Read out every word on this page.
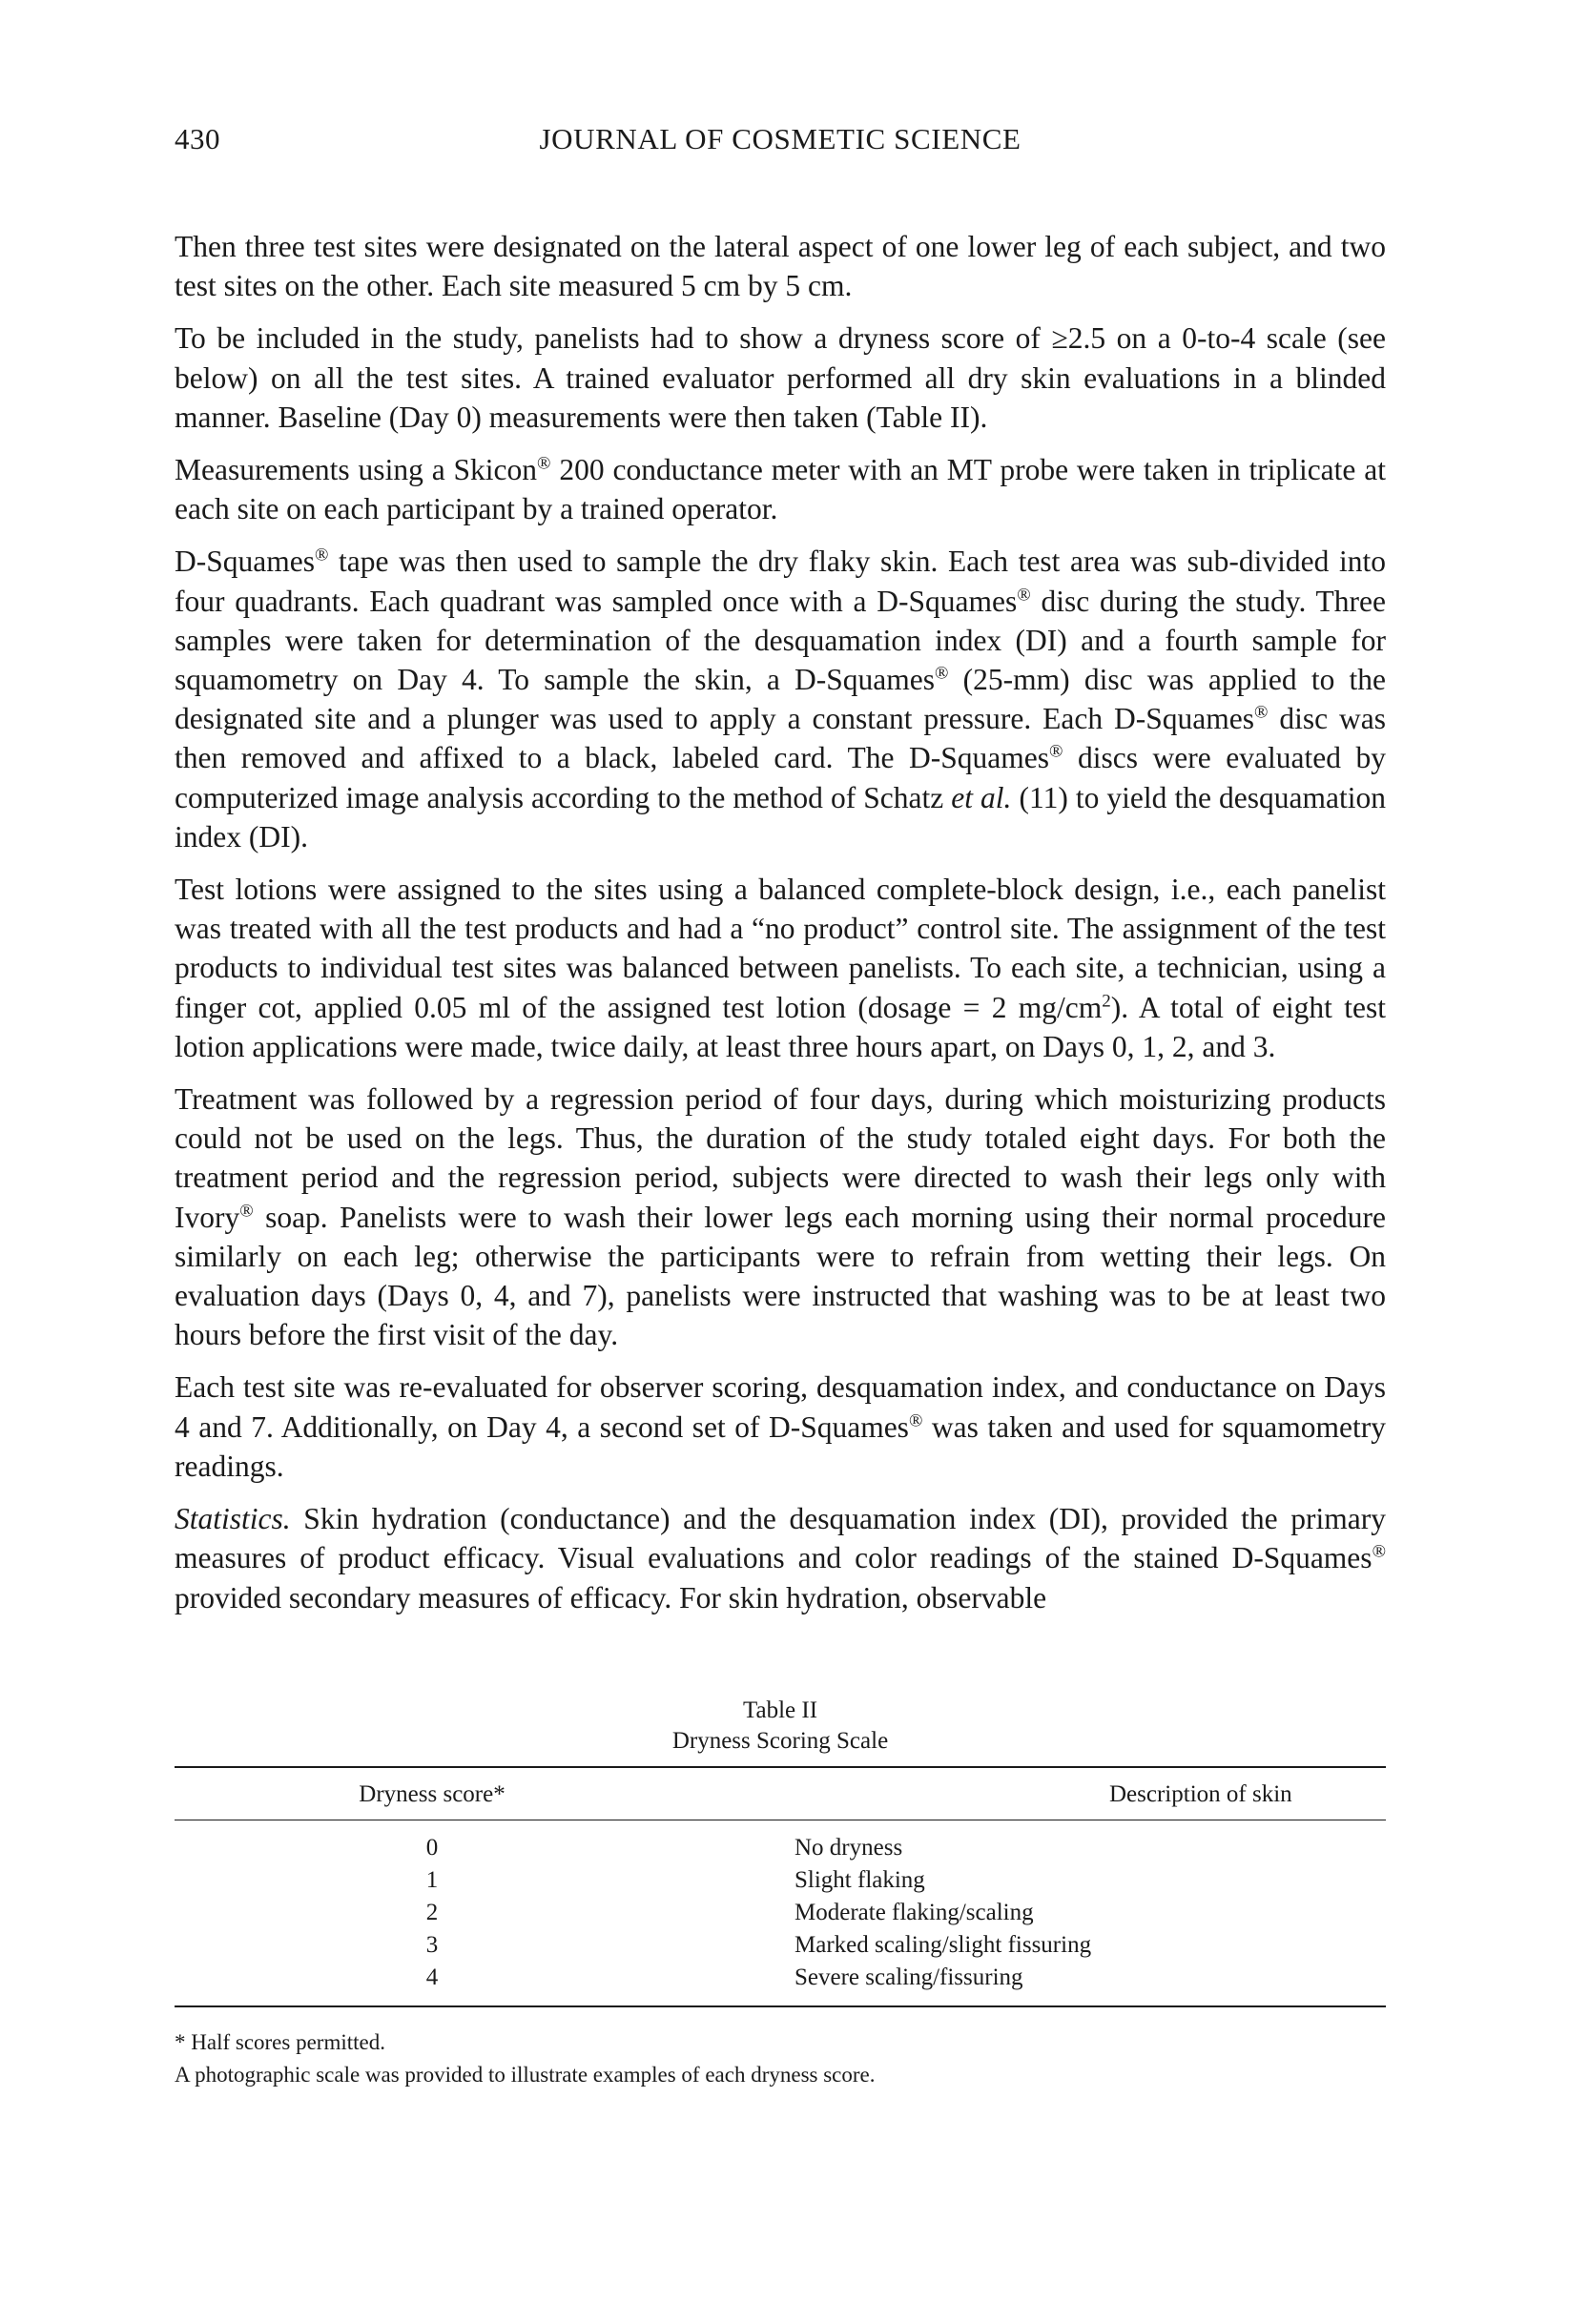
430	JOURNAL OF COSMETIC SCIENCE

Then three test sites were designated on the lateral aspect of one lower leg of each subject, and two test sites on the other. Each site measured 5 cm by 5 cm.

To be included in the study, panelists had to show a dryness score of ≥2.5 on a 0-to-4 scale (see below) on all the test sites. A trained evaluator performed all dry skin evaluations in a blinded manner. Baseline (Day 0) measurements were then taken (Table II).

Measurements using a Skicon® 200 conductance meter with an MT probe were taken in triplicate at each site on each participant by a trained operator.

D-Squames® tape was then used to sample the dry flaky skin. Each test area was sub-divided into four quadrants. Each quadrant was sampled once with a D-Squames® disc during the study. Three samples were taken for determination of the desquamation index (DI) and a fourth sample for squamometry on Day 4. To sample the skin, a D-Squames® (25-mm) disc was applied to the designated site and a plunger was used to apply a constant pressure. Each D-Squames® disc was then removed and affixed to a black, labeled card. The D-Squames® discs were evaluated by computerized image analysis according to the method of Schatz et al. (11) to yield the desquamation index (DI).

Test lotions were assigned to the sites using a balanced complete-block design, i.e., each panelist was treated with all the test products and had a “no product” control site. The assignment of the test products to individual test sites was balanced between panelists. To each site, a technician, using a finger cot, applied 0.05 ml of the assigned test lotion (dosage = 2 $mg/cm^2$). A total of eight test lotion applications were made, twice daily, at least three hours apart, on Days 0, 1, 2, and 3.

Treatment was followed by a regression period of four days, during which moisturizing products could not be used on the legs. Thus, the duration of the study totaled eight days. For both the treatment period and the regression period, subjects were directed to wash their legs only with Ivory® soap. Panelists were to wash their lower legs each morning using their normal procedure similarly on each leg; otherwise the participants were to refrain from wetting their legs. On evaluation days (Days 0, 4, and 7), panelists were instructed that washing was to be at least two hours before the first visit of the day.

Each test site was re-evaluated for observer scoring, desquamation index, and conductance on Days 4 and 7. Additionally, on Day 4, a second set of D-Squames® was taken and used for squamometry readings.

Statistics. Skin hydration (conductance) and the desquamation index (DI), provided the primary measures of product efficacy. Visual evaluations and color readings of the stained D-Squames® provided secondary measures of efficacy. For skin hydration, observable

Table II
Dryness Scoring Scale
Dryness score*	Description of skin
0	No dryness
1	Slight flaking
2	Moderate flaking/scaling
3	Marked scaling/slight fissuring
4	Severe scaling/fissuring
* Half scores permitted.
A photographic scale was provided to illustrate examples of each dryness score.
